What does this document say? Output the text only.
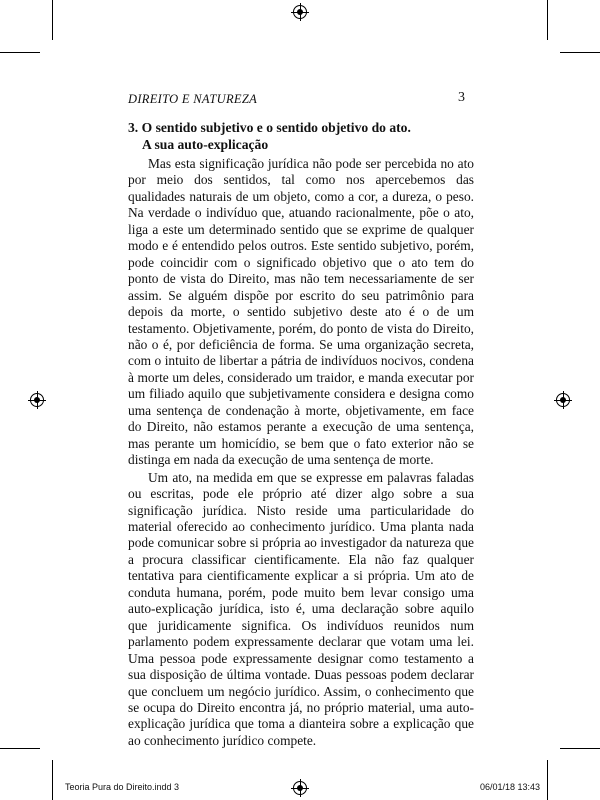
DIREITO E NATUREZA	3
3. O sentido subjetivo e o sentido objetivo do ato.
A sua auto-explicação

Mas esta significação jurídica não pode ser percebida no ato por meio dos sentidos, tal como nos apercebemos das qualidades naturais de um objeto, como a cor, a dureza, o peso. Na verdade o indivíduo que, atuando racionalmente, põe o ato, liga a este um determinado sentido que se exprime de qualquer modo e é entendido pelos outros. Este sentido subjetivo, porém, pode coincidir com o significado objetivo que o ato tem do ponto de vista do Direito, mas não tem necessariamente de ser assim. Se alguém dispõe por escrito do seu patrimônio para depois da morte, o sentido subjetivo deste ato é o de um testamento. Objetivamente, porém, do ponto de vista do Direito, não o é, por deficiência de forma. Se uma organização secreta, com o intuito de libertar a pátria de indivíduos nocivos, condena à morte um deles, considerado um traidor, e manda executar por um filiado aquilo que subjetivamente considera e designa como uma sentença de condenação à morte, objetivamente, em face do Direito, não estamos perante a execução de uma sentença, mas perante um homicídio, se bem que o fato exterior não se distinga em nada da execução de uma sentença de morte.

Um ato, na medida em que se expresse em palavras faladas ou escritas, pode ele próprio até dizer algo sobre a sua significação jurídica. Nisto reside uma particularidade do material oferecido ao conhecimento jurídico. Uma planta nada pode comunicar sobre si própria ao investigador da natureza que a procura classificar cientificamente. Ela não faz qualquer tentativa para cientificamente explicar a si própria. Um ato de conduta humana, porém, pode muito bem levar consigo uma auto-explicação jurídica, isto é, uma declaração sobre aquilo que juridicamente significa. Os indivíduos reunidos num parlamento podem expressamente declarar que votam uma lei. Uma pessoa pode expressamente designar como testamento a sua disposição de última vontade. Duas pessoas podem declarar que concluem um negócio jurídico. Assim, o conhecimento que se ocupa do Direito encontra já, no próprio material, uma auto-explicação jurídica que toma a dianteira sobre a explicação que ao conhecimento jurídico compete.

Teoria Pura do Direito.indd 3	06/01/18 13:43
